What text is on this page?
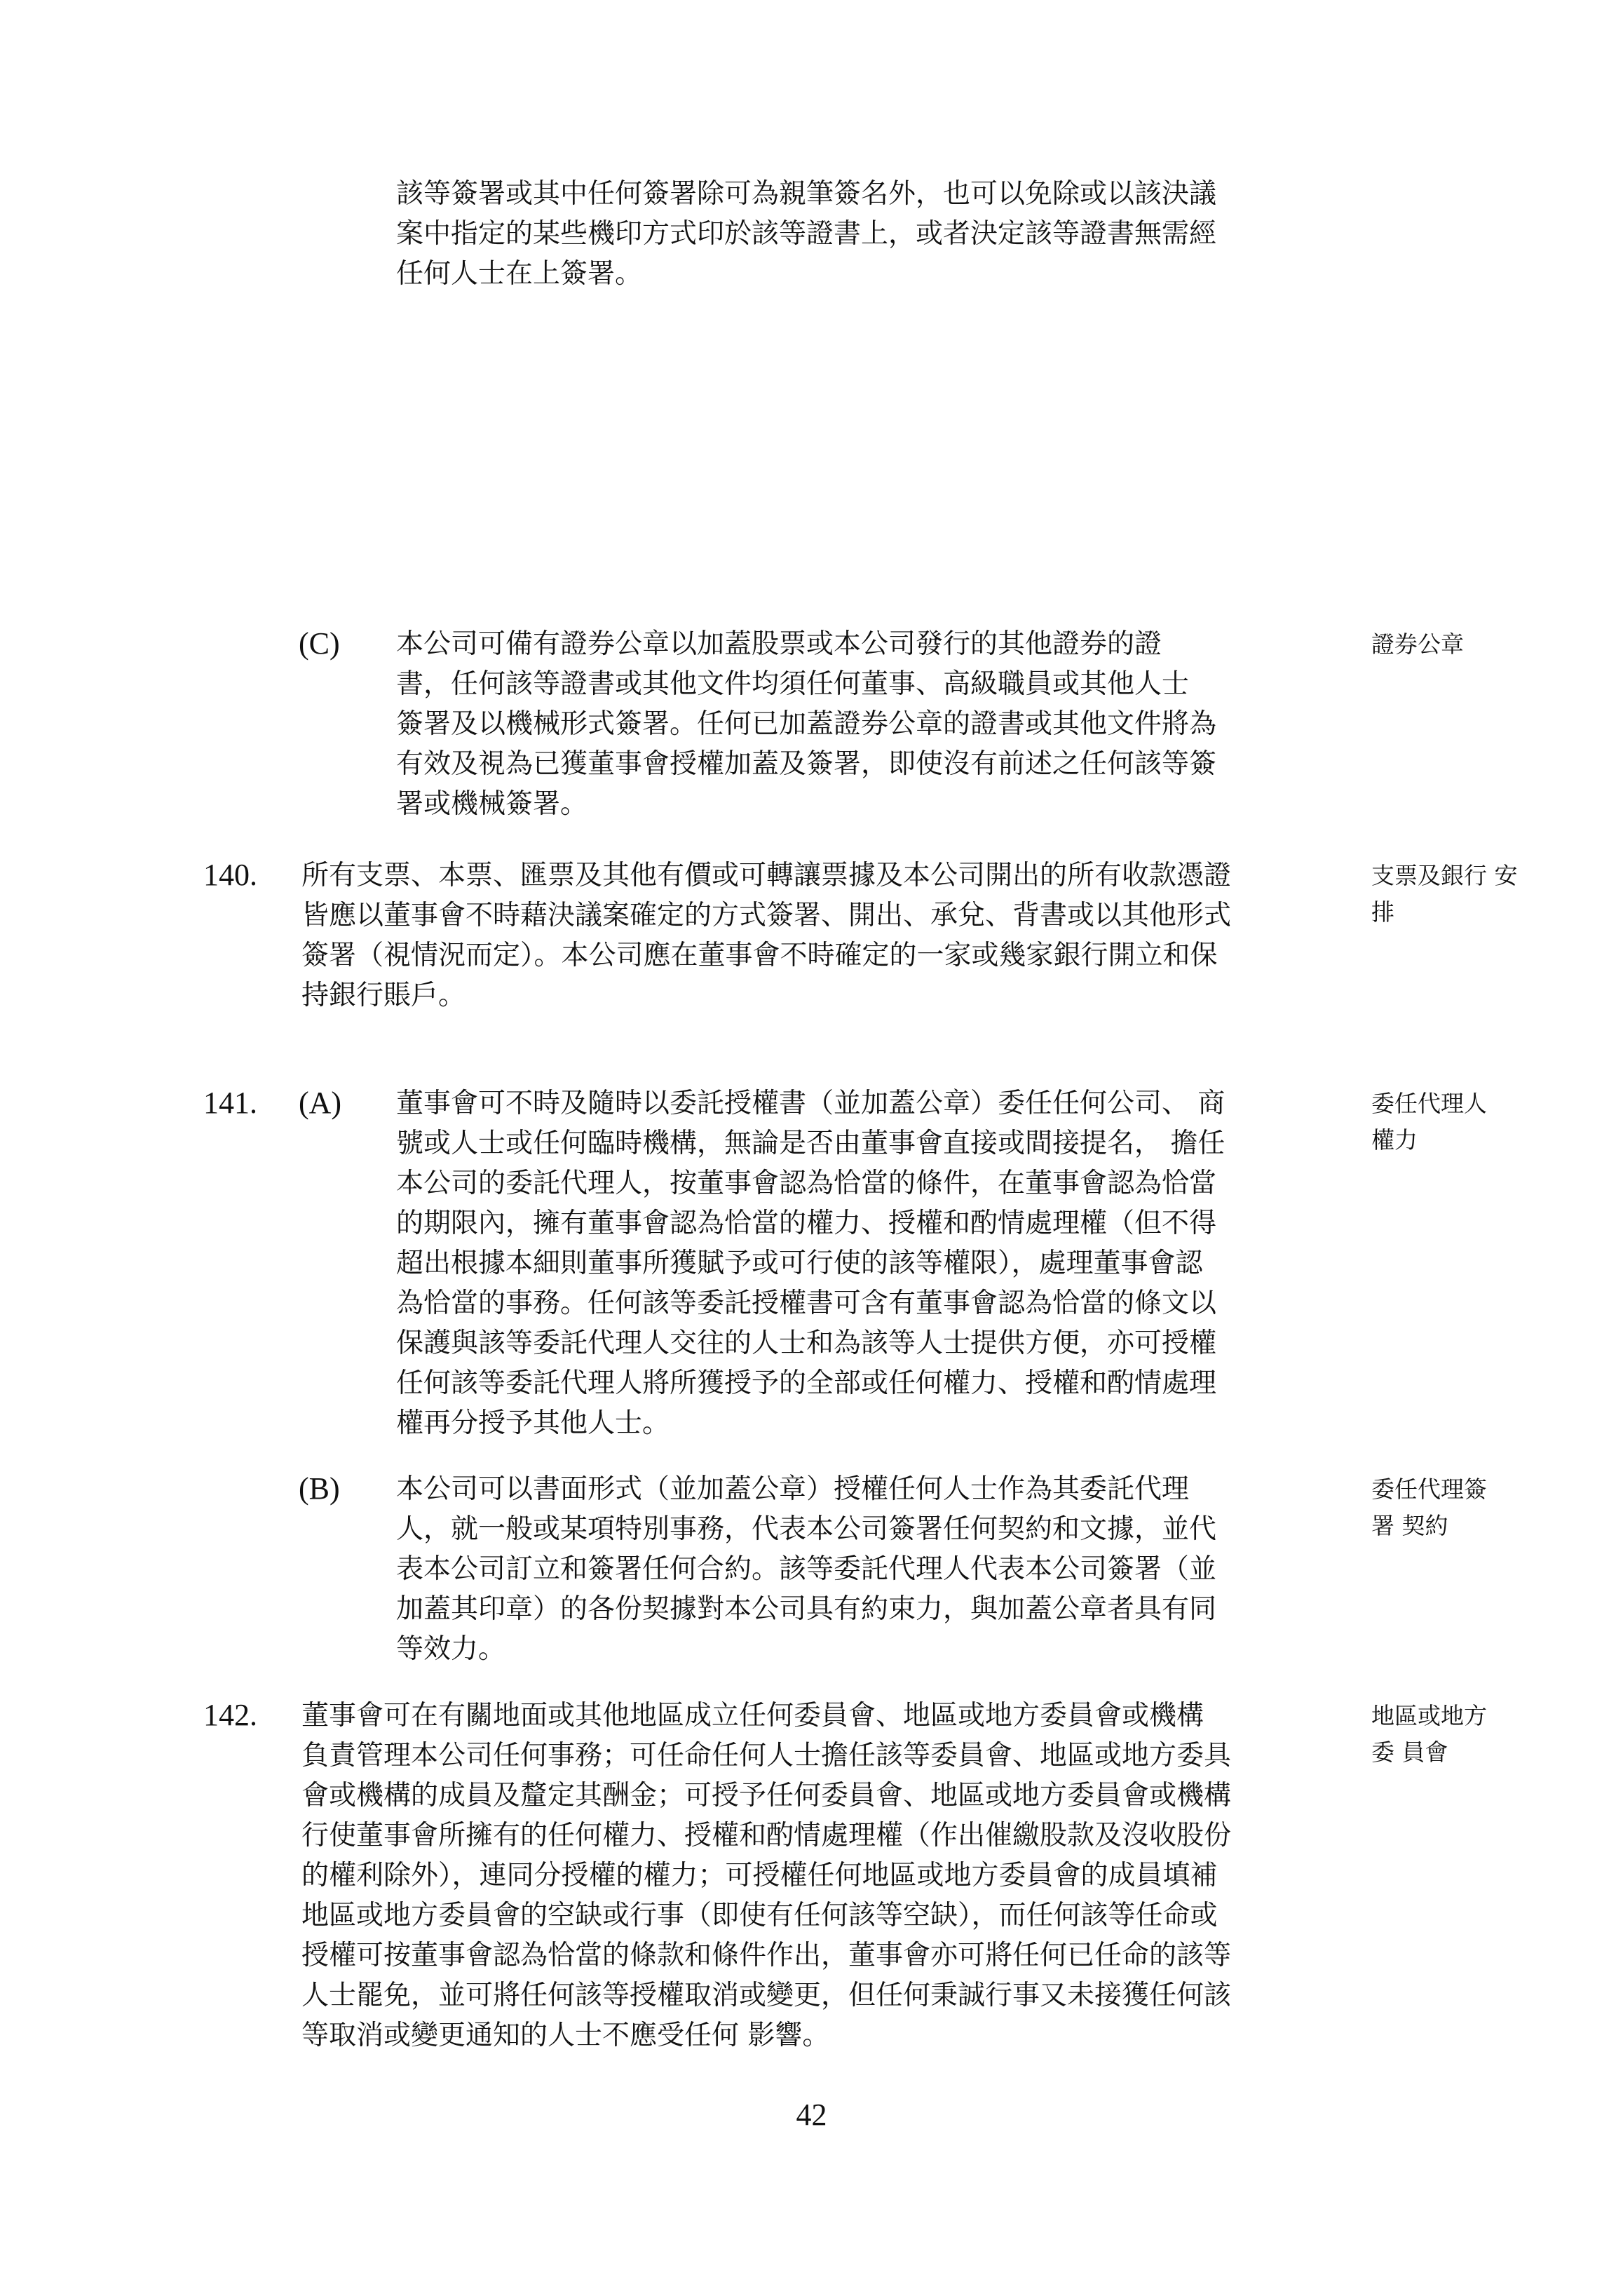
該等簽署或其中任何簽署除可為親筆簽名外，也可以免除或以該決議
案中指定的某些機印方式印於該等證書上，或者決定該等證書無需經
任何人士在上簽署。
(C) 本公司可備有證券公章以加蓋股票或本公司發行的其他證券的證
書，任何該等證書或其他文件均須任何董事、高級職員或其他人士
簽署及以機械形式簽署。任何已加蓋證券公章的證書或其他文件將為
有效及視為已獲董事會授權加蓋及簽署，即使沒有前述之任何該等簽
署或機械簽署。
證券公章
140. 所有支票、本票、匯票及其他有價或可轉讓票據及本公司開出的所有收款憑證
皆應以董事會不時藉決議案確定的方式簽署、開出、承兌、背書或以其他形式
簽署（視情況而定）。本公司應在董事會不時確定的一家或幾家銀行開立和保
持銀行賬戶。
支票及銀行 安
排
141. (A) 董事會可不時及隨時以委託授權書（並加蓋公章）委任任何公司、 商
號或人士或任何臨時機構，無論是否由董事會直接或間接提名， 擔任
本公司的委託代理人，按董事會認為恰當的條件，在董事會認為恰當
的期限內，擁有董事會認為恰當的權力、授權和酌情處理權（但不得
超出根據本細則董事所獲賦予或可行使的該等權限），處理董事會認
為恰當的事務。任何該等委託授權書可含有董事會認為恰當的條文以
保護與該等委託代理人交往的人士和為該等人士提供方便，亦可授權
任何該等委託代理人將所獲授予的全部或任何權力、授權和酌情處理
權再分授予其他人士。
委任代理人
權力
(B) 本公司可以書面形式（並加蓋公章）授權任何人士作為其委託代理
人，就一般或某項特別事務，代表本公司簽署任何契約和文據，並代
表本公司訂立和簽署任何合約。該等委託代理人代表本公司簽署（並
加蓋其印章）的各份契據對本公司具有約束力，與加蓋公章者具有同
等效力。
委任代理簽
署 契約
142. 董事會可在有關地面或其他地區成立任何委員會、地區或地方委員會或機構
負責管理本公司任何事務；可任命任何人士擔任該等委員會、地區或地方委具
會或機構的成員及釐定其酬金；可授予任何委員會、地區或地方委員會或機構
行使董事會所擁有的任何權力、授權和酌情處理權（作出催繳股款及沒收股份
的權利除外），連同分授權的權力；可授權任何地區或地方委員會的成員填補
地區或地方委員會的空缺或行事（即使有任何該等空缺），而任何該等任命或
授權可按董事會認為恰當的條款和條件作出，董事會亦可將任何已任命的該等
人士罷免，並可將任何該等授權取消或變更，但任何秉誠行事又未接獲任何該
等取消或變更通知的人士不應受任何 影響。
地區或地方
委 員會
42
